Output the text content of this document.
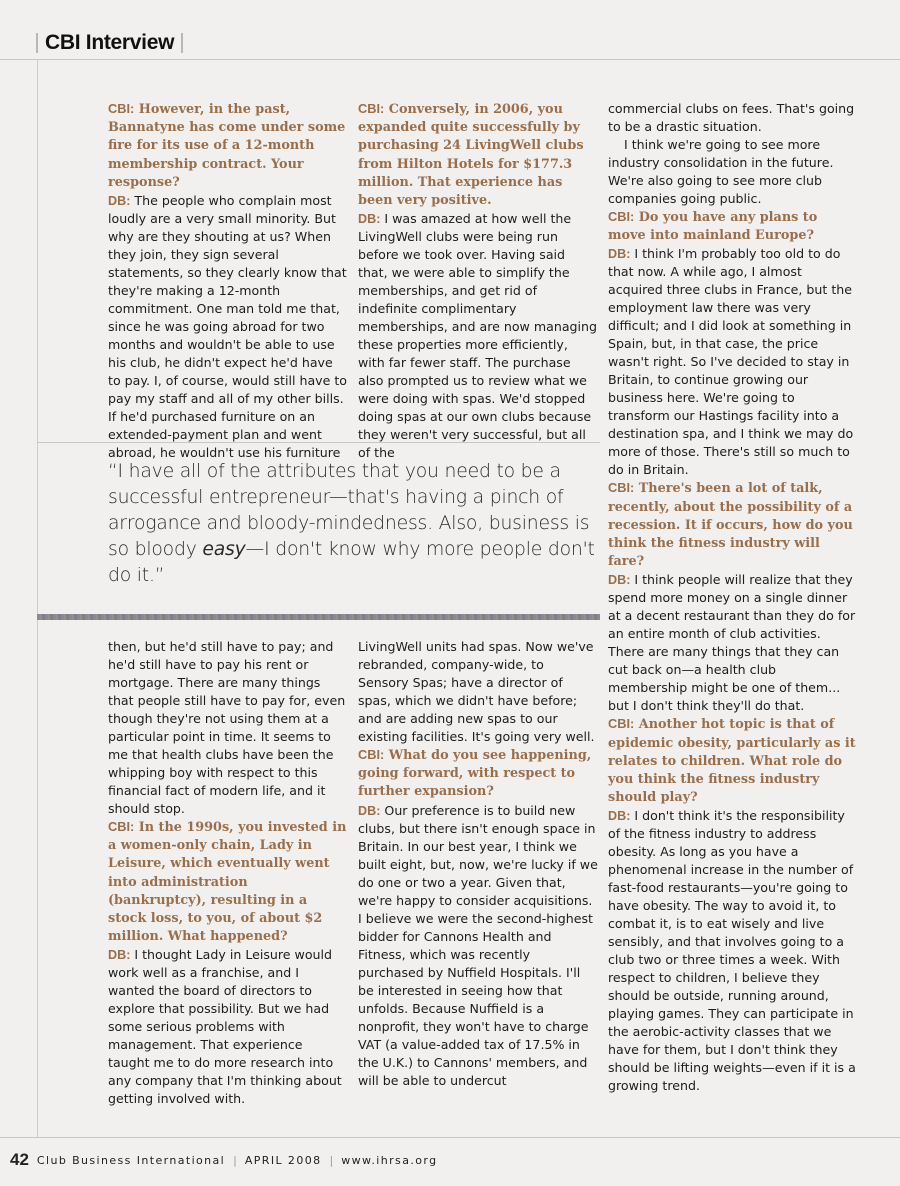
CBI Interview

CBI: However, in the past, Bannatyne has come under some fire for its use of a 12-month membership contract. Your response?

DB: The people who complain most loudly are a very small minority. But why are they shouting at us? When they join, they sign several statements, so they clearly know that they're making a 12-month commitment. One man told me that, since he was going abroad for two months and wouldn't be able to use his club, he didn't expect he'd have to pay. I, of course, would still have to pay my staff and all of my other bills. If he'd purchased furniture on an extended-payment plan and went abroad, he wouldn't use his furniture

CBI: Conversely, in 2006, you expanded quite successfully by purchasing 24 LivingWell clubs from Hilton Hotels for $177.3 million. That experience has been very positive.

DB: I was amazed at how well the LivingWell clubs were being run before we took over. Having said that, we were able to simplify the memberships, and get rid of indefinite complimentary memberships, and are now managing these properties more efficiently, with far fewer staff. The purchase also prompted us to review what we were doing with spas. We'd stopped doing spas at our own clubs because they weren't very successful, but all of the

“I have all of the attributes that you need to be a successful entrepreneur—that's having a pinch of arrogance and bloody-mindedness. Also, business is so bloody easy—I don't know why more people don't do it.”

then, but he'd still have to pay; and he'd still have to pay his rent or mortgage. There are many things that people still have to pay for, even though they're not using them at a particular point in time. It seems to me that health clubs have been the whipping boy with respect to this financial fact of modern life, and it should stop.

CBI: In the 1990s, you invested in a women-only chain, Lady in Leisure, which eventually went into administration (bankruptcy), resulting in a stock loss, to you, of about $2 million. What happened?

DB: I thought Lady in Leisure would work well as a franchise, and I wanted the board of directors to explore that possibility. But we had some serious problems with management. That experience taught me to do more research into any company that I'm thinking about getting involved with.

LivingWell units had spas. Now we've rebranded, company-wide, to Sensory Spas; have a director of spas, which we didn't have before; and are adding new spas to our existing facilities. It's going very well.

CBI: What do you see happening, going forward, with respect to further expansion?

DB: Our preference is to build new clubs, but there isn't enough space in Britain. In our best year, I think we built eight, but, now, we're lucky if we do one or two a year. Given that, we're happy to consider acquisitions. I believe we were the second-highest bidder for Cannons Health and Fitness, which was recently purchased by Nuffield Hospitals. I'll be interested in seeing how that unfolds. Because Nuffield is a nonprofit, they won't have to charge VAT (a value-added tax of 17.5% in the U.K.) to Cannons' members, and will be able to undercut

commercial clubs on fees. That's going to be a drastic situation.

I think we're going to see more industry consolidation in the future. We're also going to see more club companies going public.

CBI: Do you have any plans to move into mainland Europe?

DB: I think I'm probably too old to do that now. A while ago, I almost acquired three clubs in France, but the employment law there was very difficult; and I did look at something in Spain, but, in that case, the price wasn't right. So I've decided to stay in Britain, to continue growing our business here. We're going to transform our Hastings facility into a destination spa, and I think we may do more of those. There's still so much to do in Britain.

CBI: There's been a lot of talk, recently, about the possibility of a recession. It if occurs, how do you think the fitness industry will fare?

DB: I think people will realize that they spend more money on a single dinner at a decent restaurant than they do for an entire month of club activities. There are many things that they can cut back on—a health club membership might be one of them... but I don't think they'll do that.

CBI: Another hot topic is that of epidemic obesity, particularly as it relates to children. What role do you think the fitness industry should play?

DB: I don't think it's the responsibility of the fitness industry to address obesity. As long as you have a phenomenal increase in the number of fast-food restaurants—you're going to have obesity. The way to avoid it, to combat it, is to eat wisely and live sensibly, and that involves going to a club two or three times a week. With respect to children, I believe they should be outside, running around, playing games. They can participate in the aerobic-activity classes that we have for them, but I don't think they should be lifting weights—even if it is a growing trend.

42 Club Business International | APRIL 2008 | www.ihrsa.org
